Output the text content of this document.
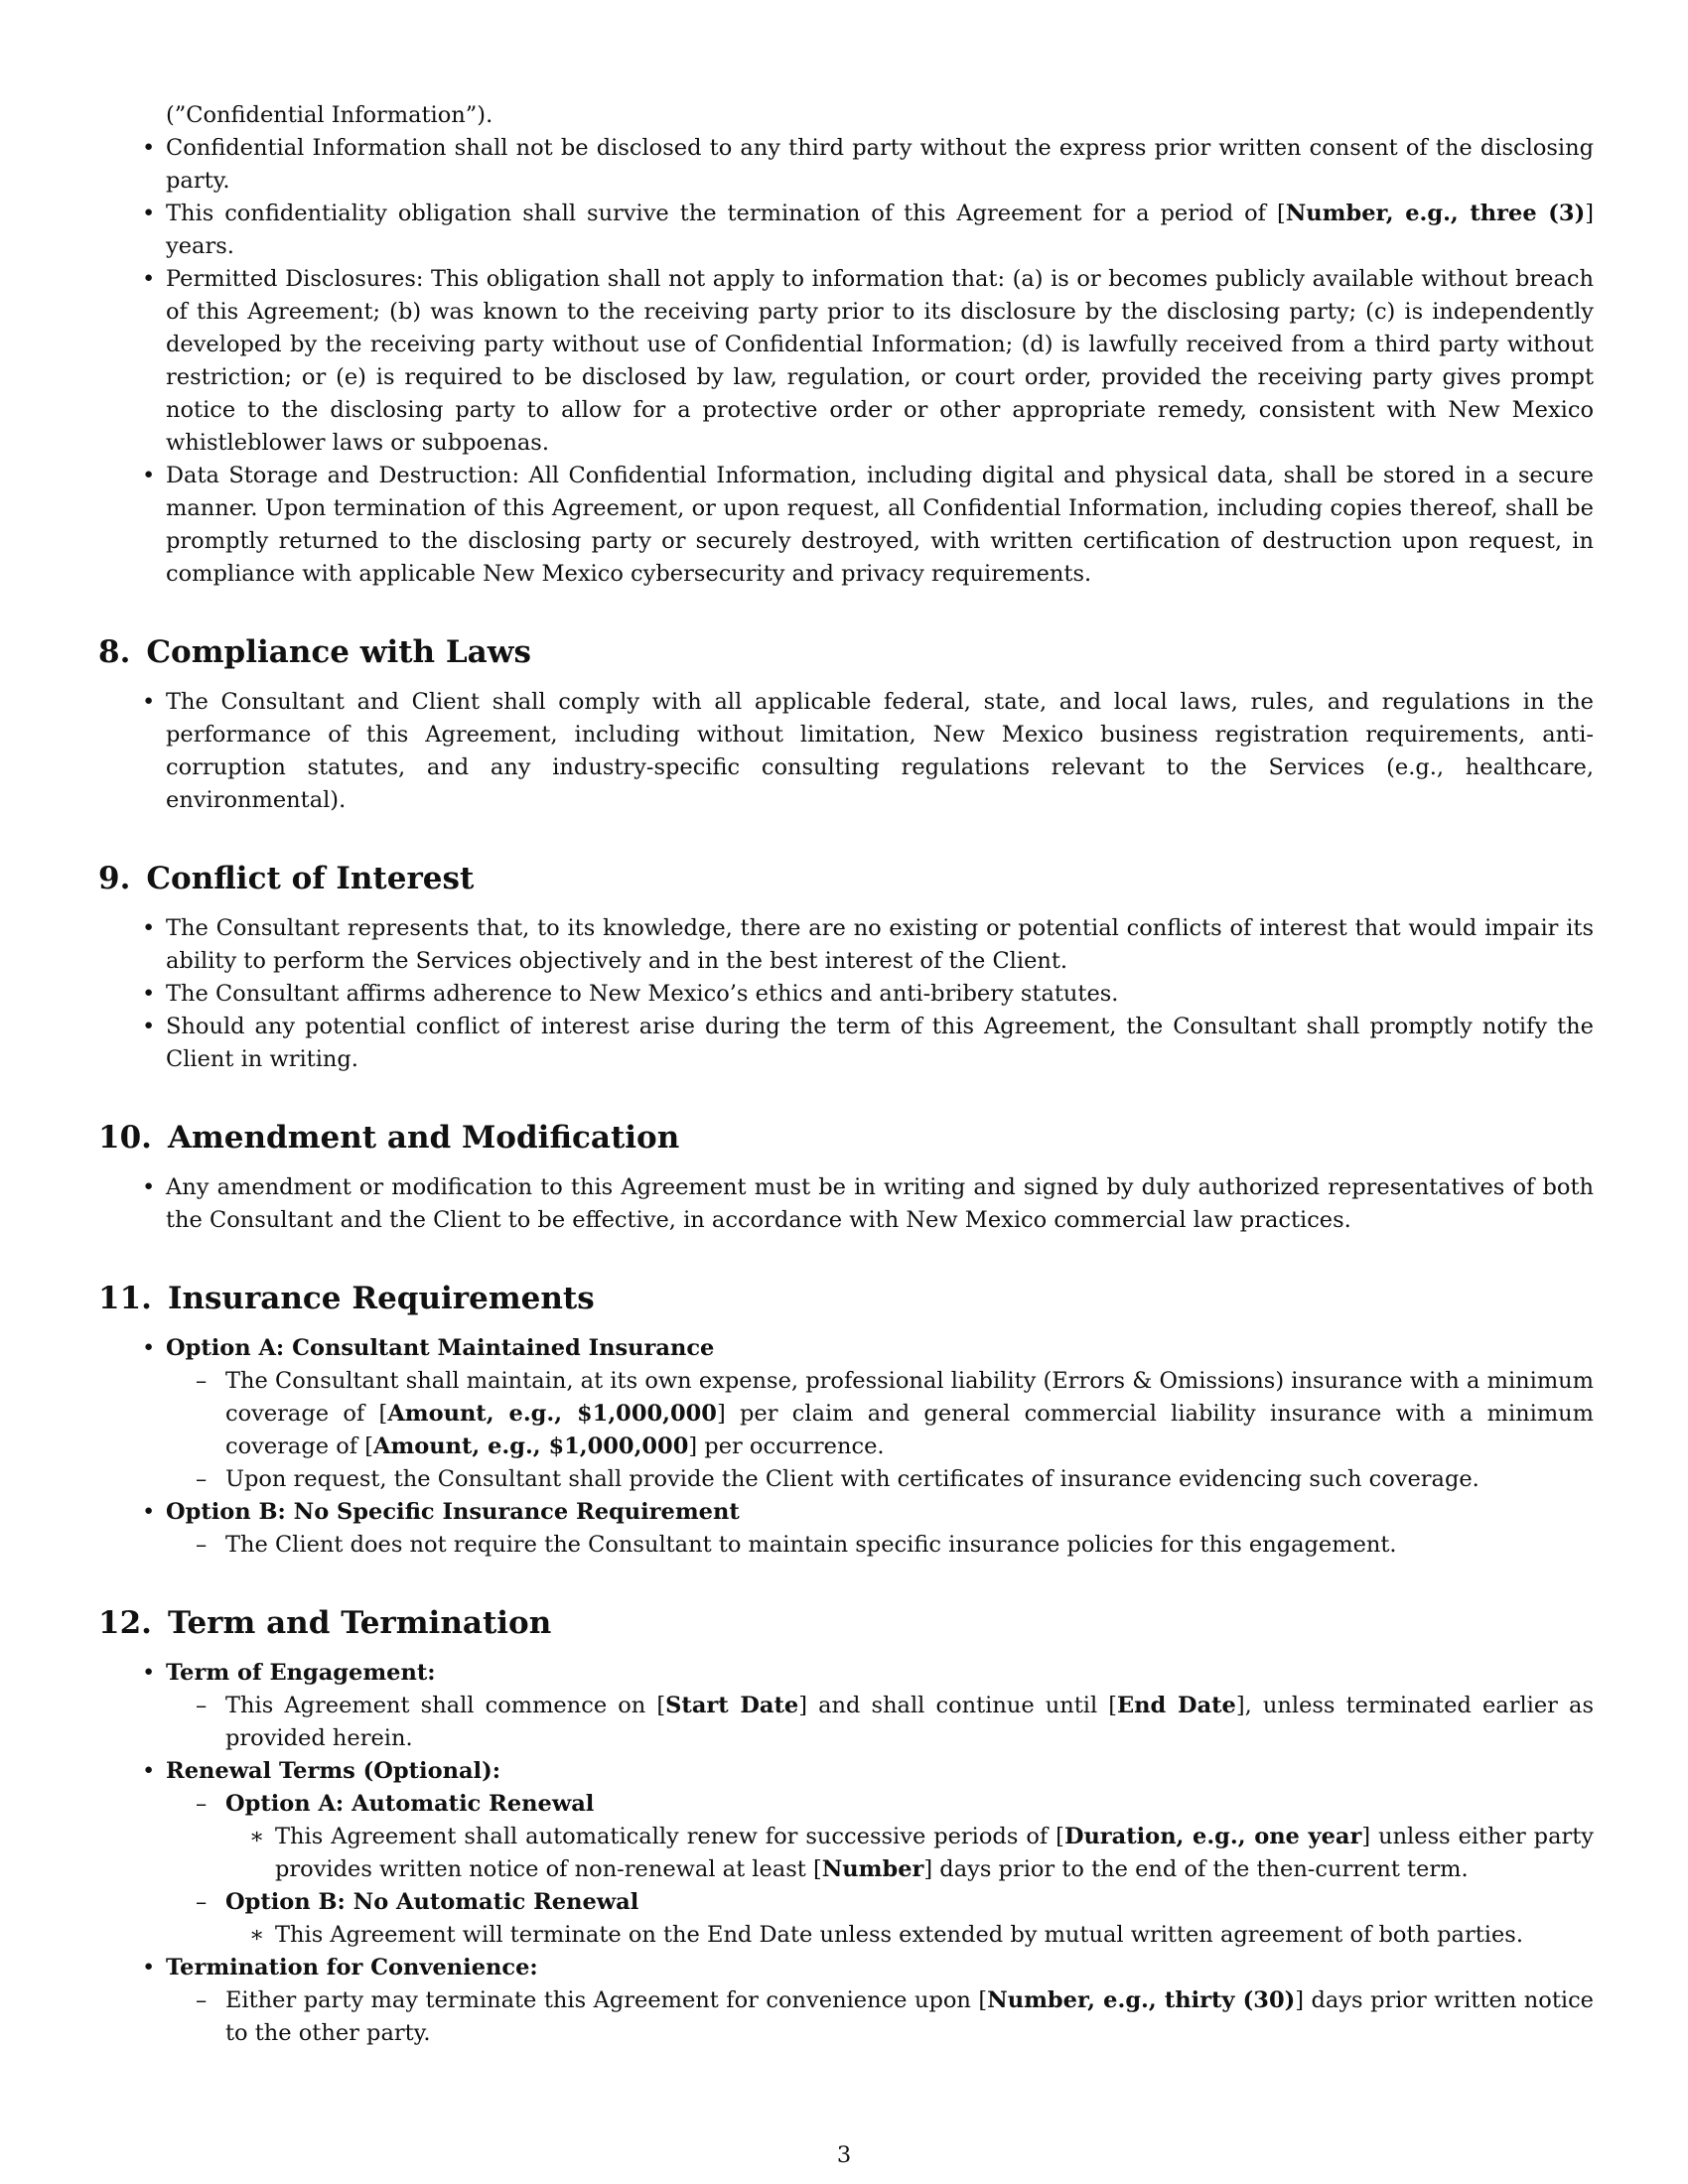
(”Confidential Information”).

• Confidential Information shall not be disclosed to any third party without the express prior written consent of the disclosing party.
• This confidentiality obligation shall survive the termination of this Agreement for a period of [Number, e.g., three (3)] years.
• Permitted Disclosures: This obligation shall not apply to information that: (a) is or becomes publicly available without breach of this Agreement; (b) was known to the receiving party prior to its disclosure by the disclosing party; (c) is independently developed by the receiving party without use of Confidential Information; (d) is lawfully received from a third party without restriction; or (e) is required to be disclosed by law, regulation, or court order, provided the receiving party gives prompt notice to the disclosing party to allow for a protective order or other appropriate remedy, consistent with New Mexico whistleblower laws or subpoenas.
• Data Storage and Destruction: All Confidential Information, including digital and physical data, shall be stored in a secure manner. Upon termination of this Agreement, or upon request, all Confidential Information, including copies thereof, shall be promptly returned to the disclosing party or securely destroyed, with written certification of destruction upon request, in compliance with applicable New Mexico cybersecurity and privacy requirements.
8. Compliance with Laws
• The Consultant and Client shall comply with all applicable federal, state, and local laws, rules, and regulations in the performance of this Agreement, including without limitation, New Mexico business registration requirements, anti-corruption statutes, and any industry-specific consulting regulations relevant to the Services (e.g., healthcare, environmental).
9. Conflict of Interest
• The Consultant represents that, to its knowledge, there are no existing or potential conflicts of interest that would impair its ability to perform the Services objectively and in the best interest of the Client.
• The Consultant affirms adherence to New Mexico’s ethics and anti-bribery statutes.
• Should any potential conflict of interest arise during the term of this Agreement, the Consultant shall promptly notify the Client in writing.
10. Amendment and Modification
• Any amendment or modification to this Agreement must be in writing and signed by duly authorized representatives of both the Consultant and the Client to be effective, in accordance with New Mexico commercial law practices.
11. Insurance Requirements
• Option A: Consultant Maintained Insurance
– The Consultant shall maintain, at its own expense, professional liability (Errors & Omissions) insurance with a minimum coverage of [Amount, e.g., $1,000,000] per claim and general commercial liability insurance with a minimum coverage of [Amount, e.g., $1,000,000] per occurrence.
– Upon request, the Consultant shall provide the Client with certificates of insurance evidencing such coverage.
• Option B: No Specific Insurance Requirement
– The Client does not require the Consultant to maintain specific insurance policies for this engagement.
12. Term and Termination
• Term of Engagement:
– This Agreement shall commence on [Start Date] and shall continue until [End Date], unless terminated earlier as provided herein.
• Renewal Terms (Optional):
– Option A: Automatic Renewal
∗ This Agreement shall automatically renew for successive periods of [Duration, e.g., one year] unless either party provides written notice of non-renewal at least [Number] days prior to the end of the then-current term.
– Option B: No Automatic Renewal
∗ This Agreement will terminate on the End Date unless extended by mutual written agreement of both parties.
• Termination for Convenience:
– Either party may terminate this Agreement for convenience upon [Number, e.g., thirty (30)] days prior written notice to the other party.
3
